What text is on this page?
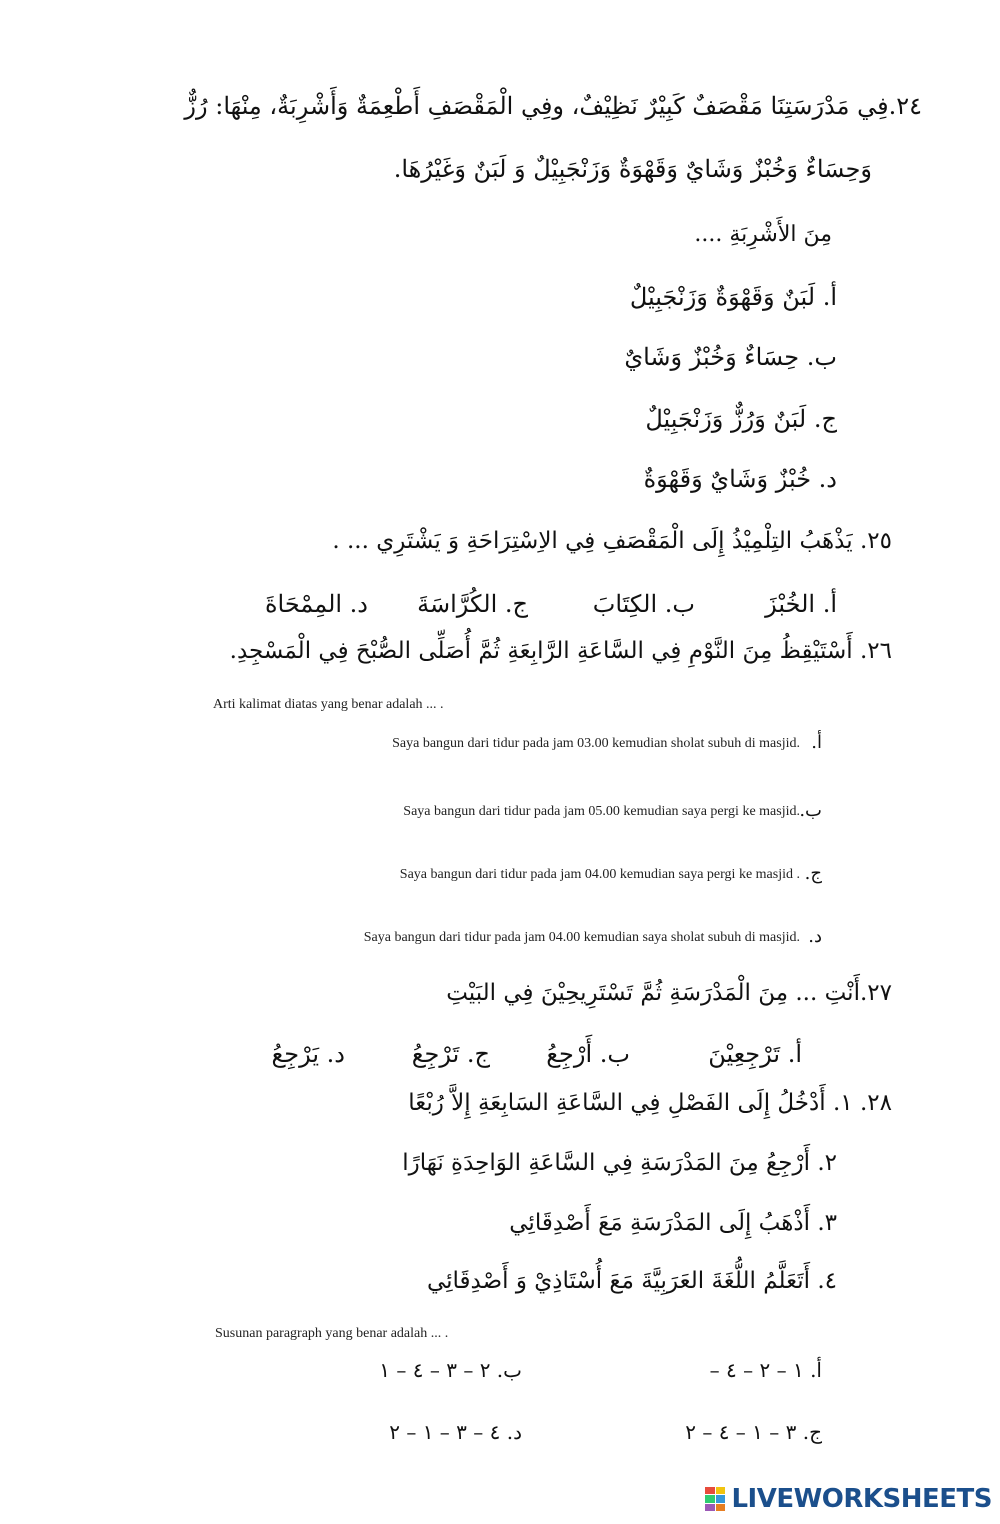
٢٤.فِي مَدْرَسَتِنَا مَقْصَفٌ كَبِيْرٌ نَظِيْفٌ، وفِي الْمَقْصَفِ أَطْعِمَةٌ وَأَشْرِبَةٌ، مِنْهَا: رُزٌّ
وَحِسَاءٌ وَخُبْزٌ وَشَايٌ وَقَهْوَةٌ وَزَنْجَبِيْلٌ وَ لَبَنٌ وَغَيْرُهَا.
مِنَ الأَشْرِبَةِ ....
أ. لَبَنٌ وَقَهْوَةٌ وَزَنْجَبِيْلٌ
ب. حِسَاءٌ وَخُبْزٌ وَشَايٌ
ج. لَبَنٌ وَرُزٌّ وَزَنْجَبِيْلٌ
د. خُبْزٌ وَشَايٌ وَقَهْوَةٌ
٢٥. يَذْهَبُ التِلْمِيْذُ إِلَى الْمَقْصَفِ فِي الاِسْتِرَاحَةِ وَ يَشْتَرِي ... .
أ. الخُبْزَ
ب. الكِتَابَ
ج. الكُرَّاسَةَ
د. المِمْحَاةَ
٢٦. أَسْتَيْقِظُ مِنَ النَّوْمِ فِي السَّاعَةِ الرَّابِعَةِ ثُمَّ أُصَلِّى الصُّبْحَ فِي الْمَسْجِدِ.
Arti kalimat diatas yang benar adalah ... .
Saya bangun dari tidur pada jam 03.00 kemudian sholat subuh di masjid. أ.
Saya bangun dari tidur pada jam 05.00 kemudian saya pergi ke masjid. ب.
Saya bangun dari tidur pada jam 04.00 kemudian saya pergi ke masjid . ج.
Saya bangun dari tidur pada jam 04.00 kemudian saya sholat subuh di masjid. د.
٢٧.أَنْتِ ... مِنَ الْمَدْرَسَةِ ثُمَّ تَسْتَرِيحِيْنَ فِي البَيْتِ
أ. تَرْجِعِيْنَ
ب. أَرْجِعُ
ج. تَرْجِعُ
د. يَرْجِعُ
٢٨. ١. أَدْخُلُ إِلَى الفَصْلِ فِي السَّاعَةِ السَابِعَةِ إِلاَّ رُبْعًا
٢. أَرْجِعُ مِنَ المَدْرَسَةِ فِي السَّاعَةِ الوَاحِدَةِ نَهَارًا
٣. أَذْهَبُ إِلَى المَدْرَسَةِ مَعَ أَصْدِقَائِي
٤. أَتَعَلَّمُ اللُّغَةَ العَرَبِيَّةَ مَعَ أُسْتَاذِيْ وَ أَصْدِقَائِي
Susunan paragraph yang benar adalah ... .
أ. ١ – ٢ – ٤ –
ب. ٢ – ٣ – ٤ – ١
ج. ٣ – ١ – ٤ – ٢
د. ٤ – ٣ – ١ – ٢
LIVEWORKSHEETS
